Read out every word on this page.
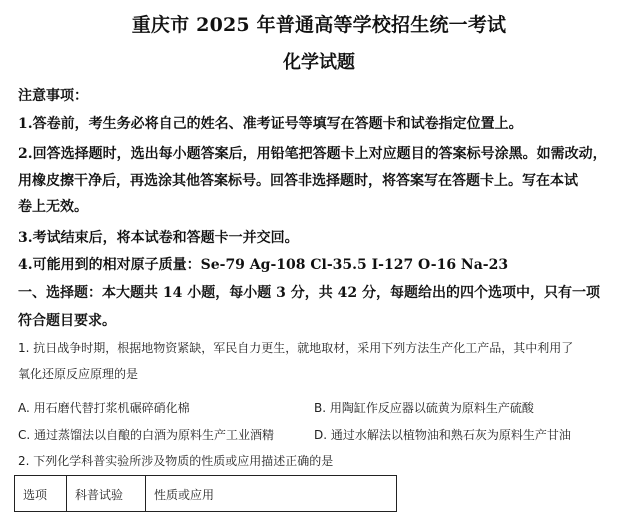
重庆市 2025 年普通高等学校招生统一考试
化学试题
注意事项：
1.答卷前，考生务必将自己的姓名、准考证号等填写在答题卡和试卷指定位置上。
2.回答选择题时，选出每小题答案后，用铅笔把答题卡上对应题目的答案标号涂黑。如需改动，
用橡皮擦干净后，再选涂其他答案标号。回答非选择题时，将答案写在答题卡上。写在本试
卷上无效。
3.考试结束后，将本试卷和答题卡一并交回。
4.可能用到的相对原子质量：Se-79 Ag-108 Cl-35.5 I-127 O-16 Na-23
一、选择题：本大题共 14 小题，每小题 3 分，共 42 分，每题给出的四个选项中，只有一项
符合题目要求。
1. 抗日战争时期，根据地物资紧缺，军民自力更生，就地取材，采用下列方法生产化工产品，其中利用了
氧化还原反应原理的是
A. 用石磨代替打浆机碾碎硝化棉	B. 用陶缸作反应器以硫黄为原料生产硫酸
C. 通过蒸馏法以自酿的白酒为原料生产工业酒精	D. 通过水解法以植物油和熟石灰为原料生产甘油
2. 下列化学科普实验所涉及物质的性质或应用描述正确的是
选项	科普试验	性质或应用
